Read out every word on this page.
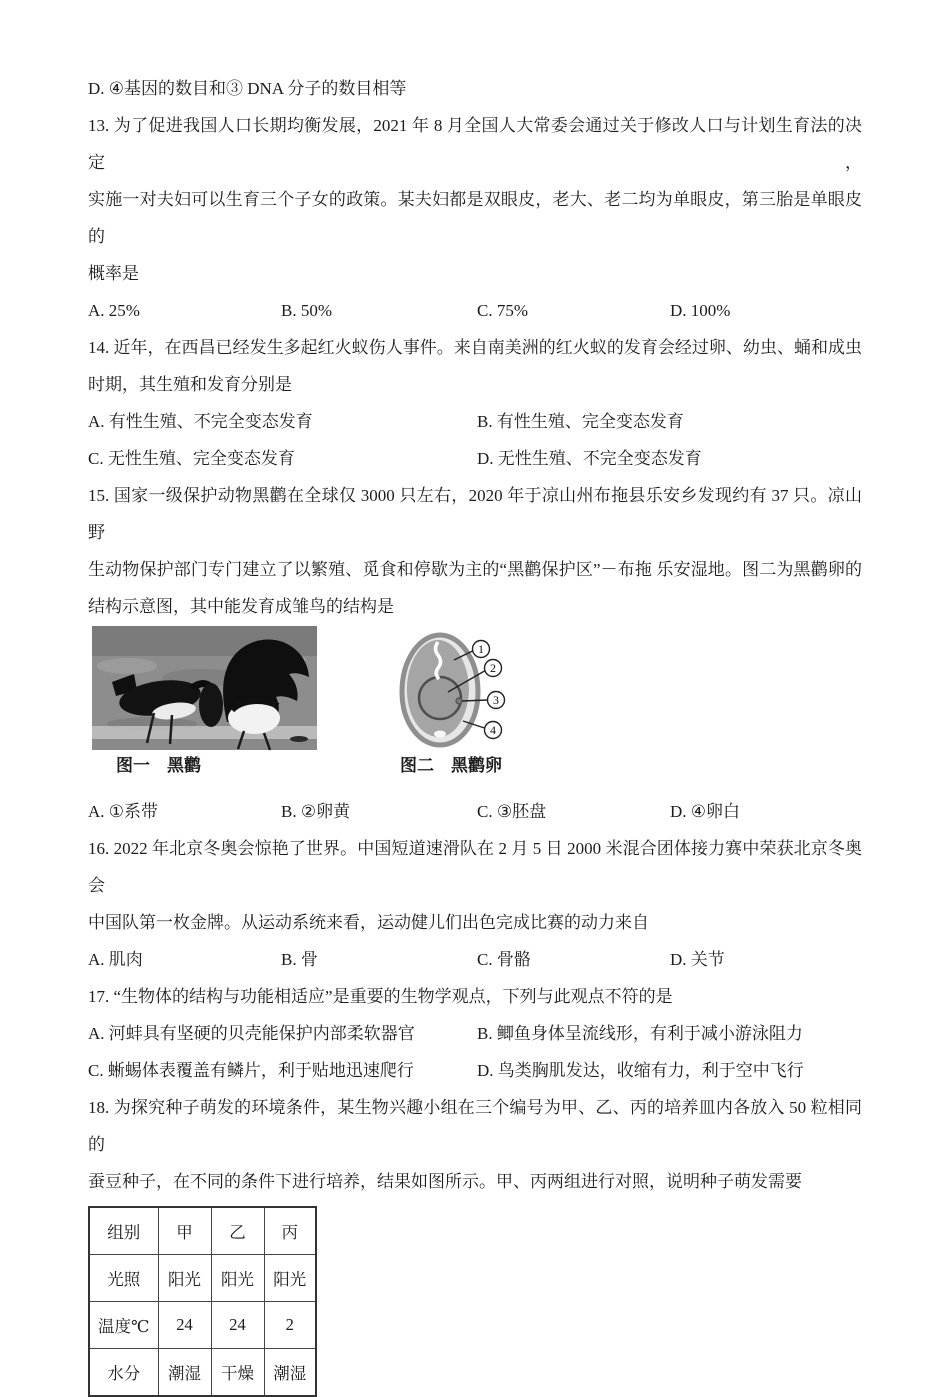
D. ④基因的数目和③ DNA 分子的数目相等
13. 为了促进我国人口长期均衡发展，2021 年 8 月全国人大常委会通过关于修改人口与计划生育法的决定，
实施一对夫妇可以生育三个子女的政策。某夫妇都是双眼皮，老大、老二均为单眼皮，第三胎是单眼皮的
概率是
A. 25%	B. 50%	C. 75%	D. 100%
14. 近年，在西昌已经发生多起红火蚁伤人事件。来自南美洲的红火蚁的发育会经过卵、幼虫、蛹和成虫
时期，其生殖和发育分别是
A. 有性生殖、不完全变态发育	B. 有性生殖、完全变态发育
C. 无性生殖、完全变态发育	D. 无性生殖、不完全变态发育
15. 国家一级保护动物黑鹳在全球仅 3000 只左右，2020 年于凉山州布拖县乐安乡发现约有 37 只。凉山野
生动物保护部门专门建立了以繁殖、觅食和停歇为主的“黑鹳保护区”－布拖 乐安湿地。图二为黑鹳卵的
结构示意图，其中能发育成雏鸟的结构是
图一　黑鹳
1
2
3
4
图二　黑鹳卵
A. ①系带	B. ②卵黄	C. ③胚盘	D. ④卵白
16. 2022 年北京冬奥会惊艳了世界。中国短道速滑队在 2 月 5 日 2000 米混合团体接力赛中荣获北京冬奥会
中国队第一枚金牌。从运动系统来看，运动健儿们出色完成比赛的动力来自
A. 肌肉	B. 骨	C. 骨骼	D. 关节
17. “生物体的结构与功能相适应”是重要的生物学观点，下列与此观点不符的是
A. 河蚌具有坚硬的贝壳能保护内部柔软器官	B. 鲫鱼身体呈流线形，有利于减小游泳阻力
C. 蜥蜴体表覆盖有鳞片，利于贴地迅速爬行	D. 鸟类胸肌发达，收缩有力，利于空中飞行
18. 为探究种子萌发的环境条件，某生物兴趣小组在三个编号为甲、乙、丙的培养皿内各放入 50 粒相同的
蚕豆种子，在不同的条件下进行培养，结果如图所示。甲、丙两组进行对照，说明种子萌发需要
组别	甲	乙	丙
光照	阳光	阳光	阳光
温度℃	24	24	2
水分	潮湿	干燥	潮湿
